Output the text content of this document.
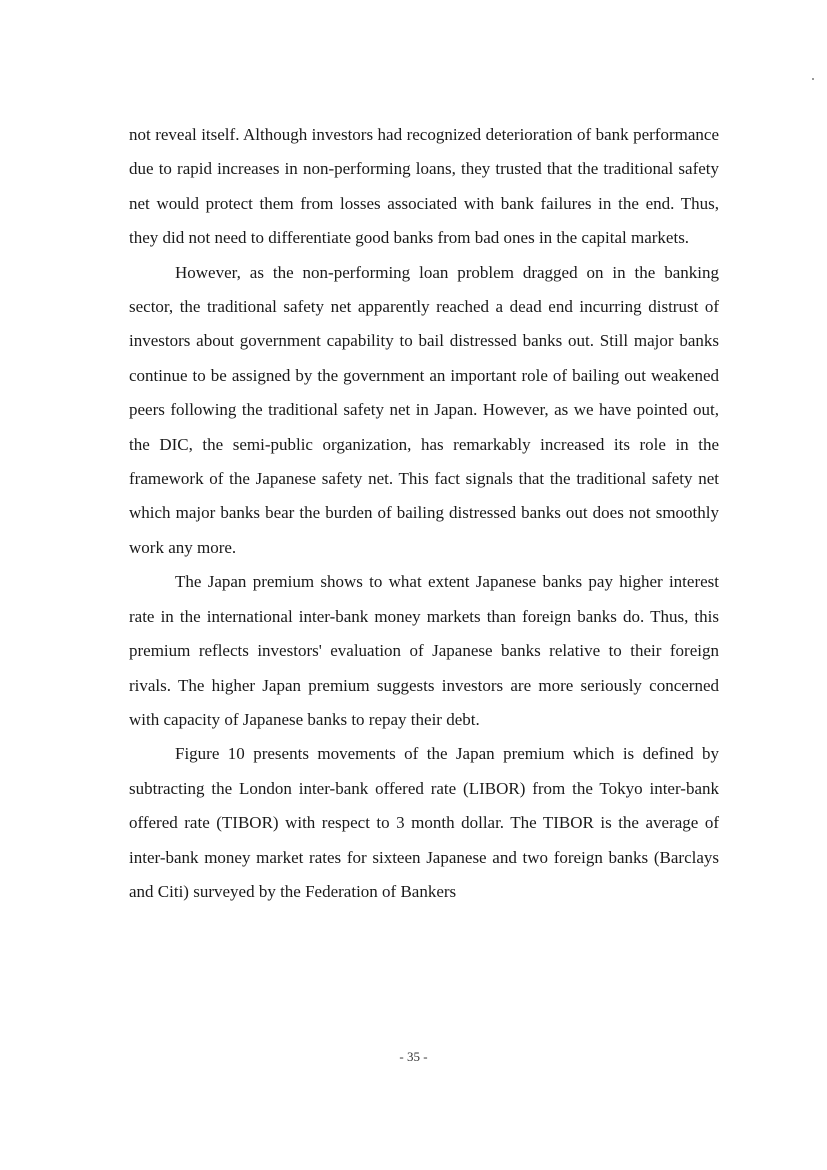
not reveal itself. Although investors had recognized deterioration of bank performance due to rapid increases in non-performing loans, they trusted that the traditional safety net would protect them from losses associated with bank failures in the end. Thus, they did not need to differentiate good banks from bad ones in the capital markets.

However, as the non-performing loan problem dragged on in the banking sector, the traditional safety net apparently reached a dead end incurring distrust of investors about government capability to bail distressed banks out. Still major banks continue to be assigned by the government an important role of bailing out weakened peers following the traditional safety net in Japan. However, as we have pointed out, the DIC, the semi-public organization, has remarkably increased its role in the framework of the Japanese safety net. This fact signals that the traditional safety net which major banks bear the burden of bailing distressed banks out does not smoothly work any more.

The Japan premium shows to what extent Japanese banks pay higher interest rate in the international inter-bank money markets than foreign banks do. Thus, this premium reflects investors' evaluation of Japanese banks relative to their foreign rivals. The higher Japan premium suggests investors are more seriously concerned with capacity of Japanese banks to repay their debt.

Figure 10 presents movements of the Japan premium which is defined by subtracting the London inter-bank offered rate (LIBOR) from the Tokyo inter-bank offered rate (TIBOR) with respect to 3 month dollar. The TIBOR is the average of inter-bank money market rates for sixteen Japanese and two foreign banks (Barclays and Citi) surveyed by the Federation of Bankers

- 35 -
